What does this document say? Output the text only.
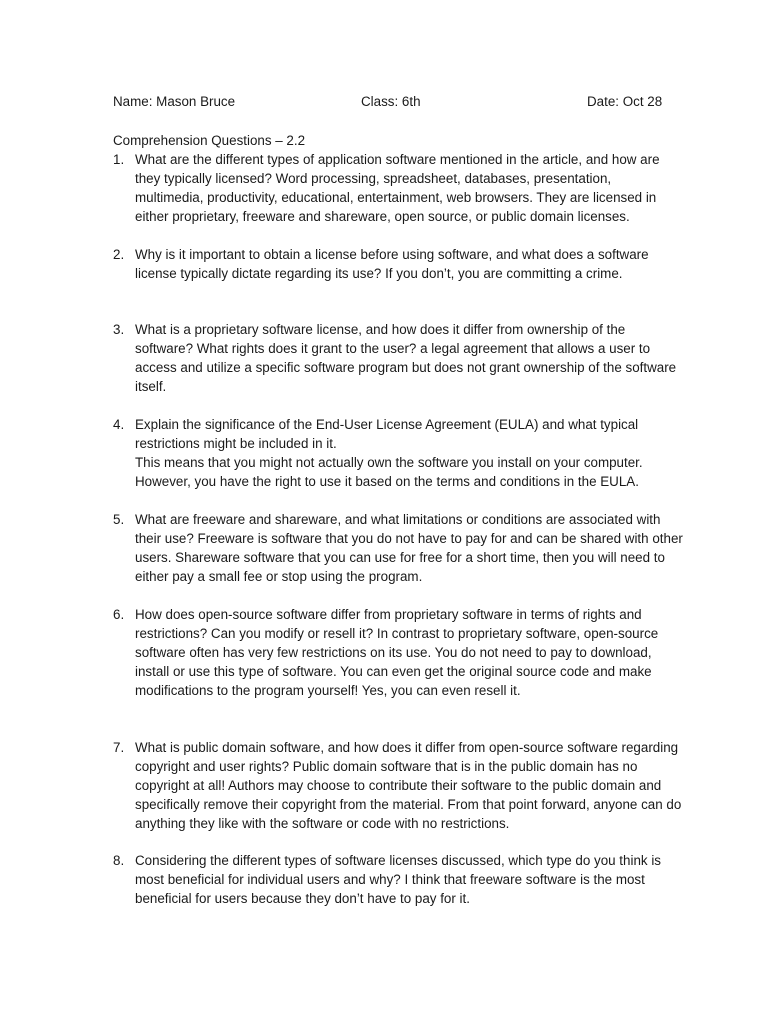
Name: Mason Bruce	Class: 6th	Date: Oct 28
Comprehension Questions – 2.2
1. What are the different types of application software mentioned in the article, and how are they typically licensed? Word processing, spreadsheet, databases, presentation, multimedia, productivity, educational, entertainment, web browsers. They are licensed in either proprietary, freeware and shareware, open source, or public domain licenses.
2. Why is it important to obtain a license before using software, and what does a software license typically dictate regarding its use? If you don’t, you are committing a crime.
3. What is a proprietary software license, and how does it differ from ownership of the software? What rights does it grant to the user? a legal agreement that allows a user to access and utilize a specific software program but does not grant ownership of the software itself.
4. Explain the significance of the End-User License Agreement (EULA) and what typical restrictions might be included in it.
This means that you might not actually own the software you install on your computer. However, you have the right to use it based on the terms and conditions in the EULA.
5. What are freeware and shareware, and what limitations or conditions are associated with their use? Freeware is software that you do not have to pay for and can be shared with other users. Shareware software that you can use for free for a short time, then you will need to either pay a small fee or stop using the program.
6. How does open-source software differ from proprietary software in terms of rights and restrictions? Can you modify or resell it? In contrast to proprietary software, open-source software often has very few restrictions on its use. You do not need to pay to download, install or use this type of software. You can even get the original source code and make modifications to the program yourself! Yes, you can even resell it.
7. What is public domain software, and how does it differ from open-source software regarding copyright and user rights? Public domain software that is in the public domain has no copyright at all! Authors may choose to contribute their software to the public domain and specifically remove their copyright from the material. From that point forward, anyone can do anything they like with the software or code with no restrictions.
8. Considering the different types of software licenses discussed, which type do you think is most beneficial for individual users and why? I think that freeware software is the most beneficial for users because they don’t have to pay for it.
